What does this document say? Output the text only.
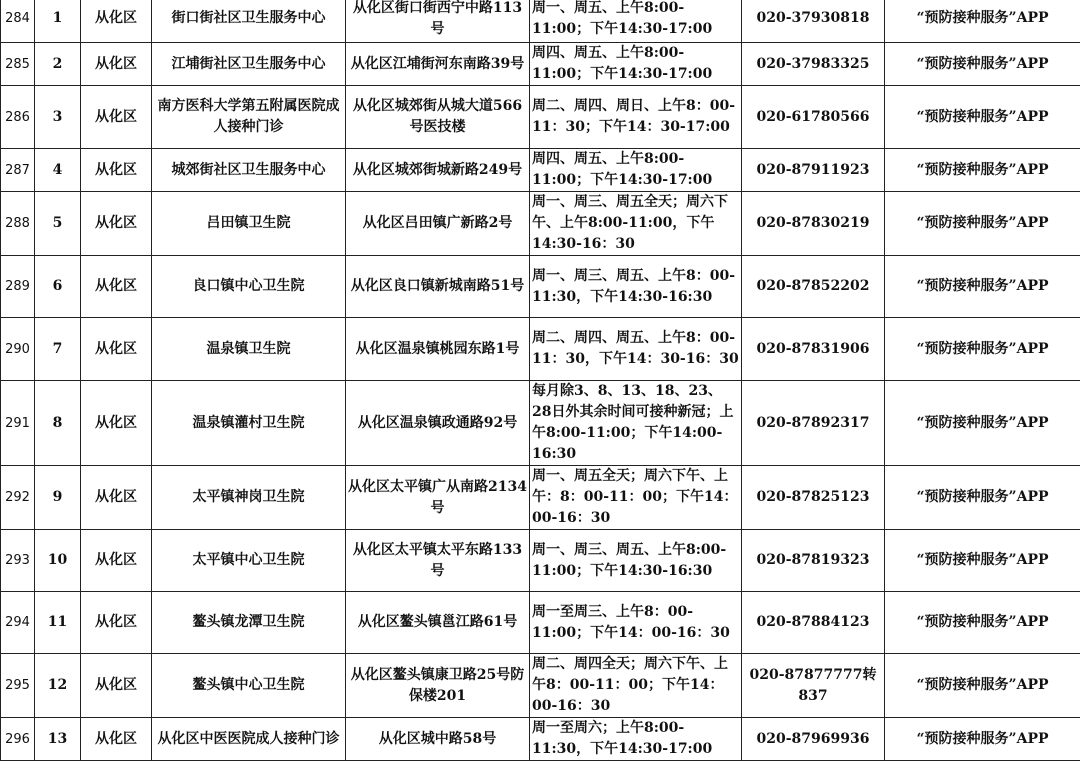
284	1	从化区	街口街社区卫生服务中心	从化区街口街西宁中路113号	周一、周五、上午8:00-11:00；下午14:30-17:00	020-37930818	“预防接种服务”APP
285	2	从化区	江埔街社区卫生服务中心	从化区江埔街河东南路39号	周四、周五、上午8:00-11:00；下午14:30-17:00	020-37983325	“预防接种服务”APP
286	3	从化区	南方医科大学第五附属医院成人接种门诊	从化区城郊街从城大道566号医技楼	周二、周四、周日、上午8：00-11：30；下午14：30-17:00	020-61780566	“预防接种服务”APP
287	4	从化区	城郊街社区卫生服务中心	从化区城郊街城新路249号	周四、周五、上午8:00-11:00；下午14:30-17:00	020-87911923	“预防接种服务”APP
288	5	从化区	吕田镇卫生院	从化区吕田镇广新路2号	周一、周三、周五全天；周六下午、上午8:00-11:00，下午14:30-16：30	020-87830219	“预防接种服务”APP
289	6	从化区	良口镇中心卫生院	从化区良口镇新城南路51号	周一、周三、周五、上午8：00-11:30，下午14:30-16:30	020-87852202	“预防接种服务”APP
290	7	从化区	温泉镇卫生院	从化区温泉镇桃园东路1号	周二、周四、周五、上午8：00-11：30，下午14：30-16：30	020-87831906	“预防接种服务”APP
291	8	从化区	温泉镇灌村卫生院	从化区温泉镇政通路92号	每月除3、8、13、18、23、28日外其余时间可接种新冠；上午8:00-11:00；下午14:00-16:30	020-87892317	“预防接种服务”APP
292	9	从化区	太平镇神岗卫生院	从化区太平镇广从南路2134号	周一、周五全天；周六下午、上午：8：00-11：00；下午14：00-16：30	020-87825123	“预防接种服务”APP
293	10	从化区	太平镇中心卫生院	从化区太平镇太平东路133号	周一、周三、周五、上午8:00-11:00；下午14:30-16:30	020-87819323	“预防接种服务”APP
294	11	从化区	鳌头镇龙潭卫生院	从化区鳌头镇邕江路61号	周一至周三、上午8：00-11:00；下午14：00-16：30	020-87884123	“预防接种服务”APP
295	12	从化区	鳌头镇中心卫生院	从化区鳌头镇康卫路25号防保楼201	周二、周四全天；周六下午、上午8：00-11：00；下午14：00-16：30	020-87877777转837	“预防接种服务”APP
296	13	从化区	从化区中医医院成人接种门诊	从化区城中路58号	周一至周六；上午8:00-11:30，下午14:30-17:00	020-87969936	“预防接种服务”APP
